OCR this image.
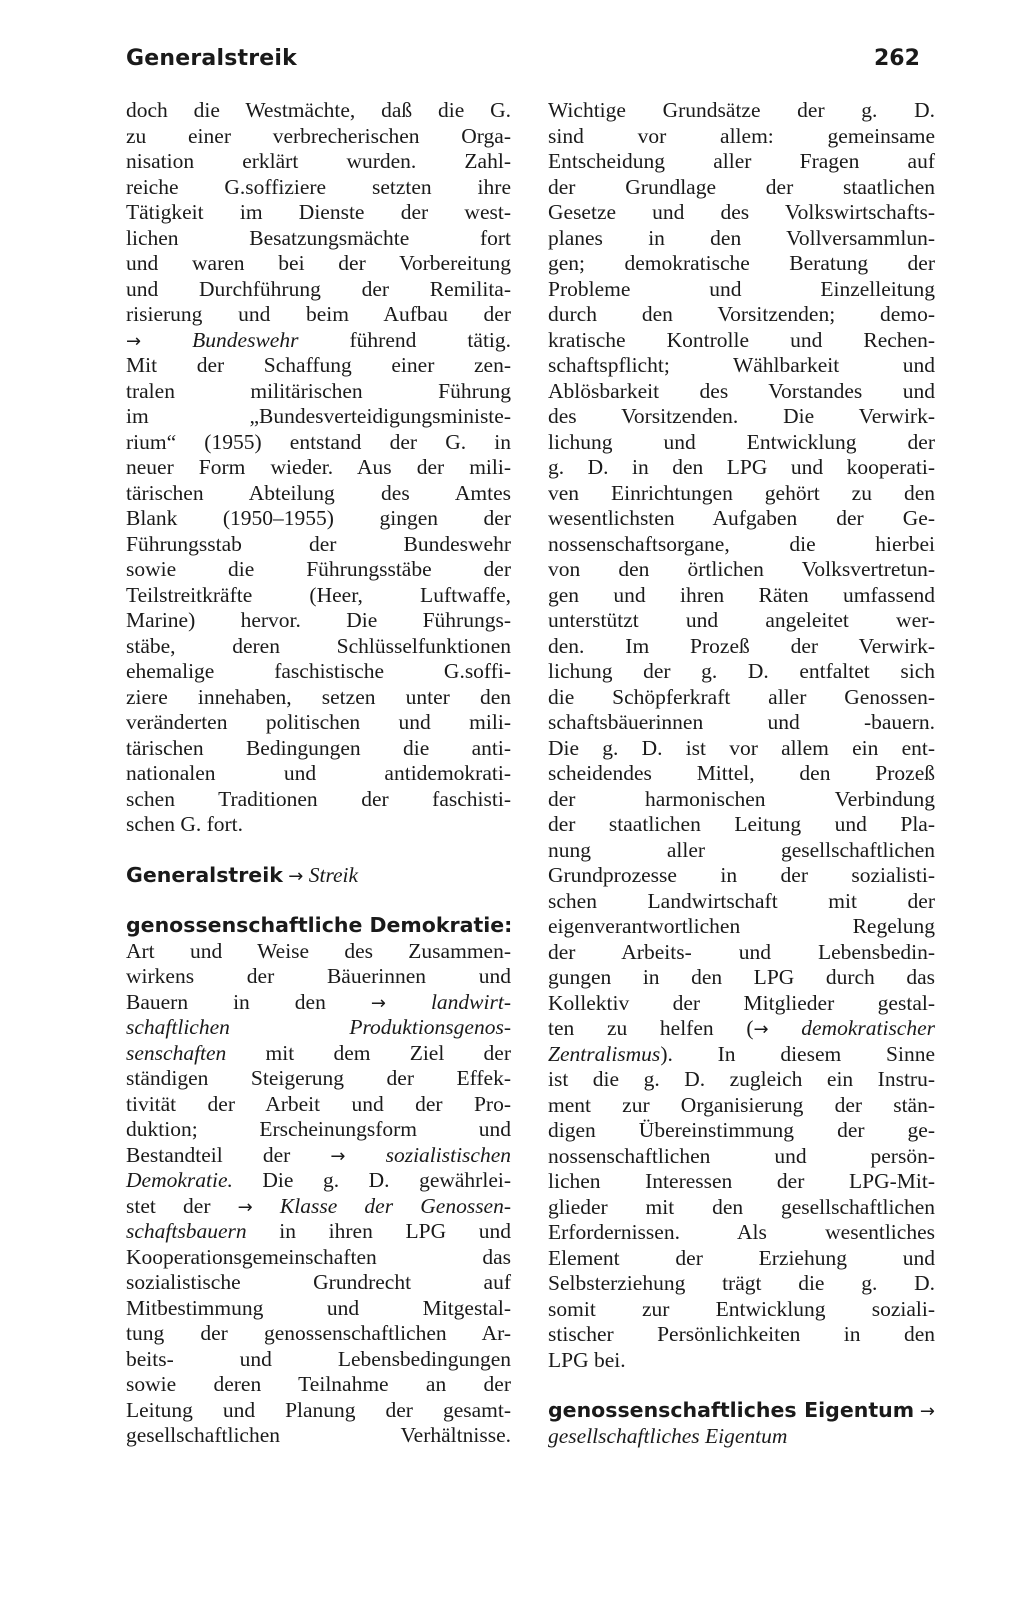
Generalstreik	262
doch die Westmächte, daß die G.
zu einer verbrecherischen Orga-
nisation erklärt wurden. Zahl-
reiche G.soffiziere setzten ihre
Tätigkeit im Dienste der west-
lichen Besatzungsmächte fort
und waren bei der Vorbereitung
und Durchführung der Remilita-
risierung und beim Aufbau der
→ Bundeswehr führend tätig.
Mit der Schaffung einer zen-
tralen militärischen Führung
im „Bundesverteidigungsministe-
rium“ (1955) entstand der G. in
neuer Form wieder. Aus der mili-
tärischen Abteilung des Amtes
Blank (1950–1955) gingen der
Führungsstab der Bundeswehr
sowie die Führungsstäbe der
Teilstreitkräfte (Heer, Luftwaffe,
Marine) hervor. Die Führungs-
stäbe, deren Schlüsselfunktionen
ehemalige faschistische G.soffi-
ziere innehaben, setzen unter den
veränderten politischen und mili-
tärischen Bedingungen die anti-
nationalen und antidemokrati-
schen Traditionen der faschisti-
schen G. fort.
Generalstreik → Streik
genossenschaftliche Demokratie:
Art und Weise des Zusammen-
wirkens der Bäuerinnen und
Bauern in den	→ landwirt-
schaftlichen Produktionsgenos-
senschaften mit dem Ziel der
ständigen Steigerung der Effek-
tivität der Arbeit und der Pro-
duktion; Erscheinungsform und
Bestandteil der → sozialistischen
Demokratie. Die g. D. gewährlei-
stet der → Klasse der Genossen-
schaftsbauern in ihren LPG und
Kooperationsgemeinschaften das
sozialistische Grundrecht auf
Mitbestimmung und Mitgestal-
tung der genossenschaftlichen Ar-
beits- und Lebensbedingungen
sowie deren Teilnahme an der
Leitung und Planung der gesamt-
gesellschaftlichen Verhältnisse.
Wichtige Grundsätze der g. D.
sind vor allem: gemeinsame
Entscheidung aller Fragen auf
der Grundlage der staatlichen
Gesetze und des Volkswirtschafts-
planes in den Vollversammlun-
gen; demokratische Beratung der
Probleme und Einzelleitung
durch den Vorsitzenden; demo-
kratische Kontrolle und Rechen-
schaftspflicht; Wählbarkeit und
Ablösbarkeit des Vorstandes und
des Vorsitzenden. Die Verwirk-
lichung und Entwicklung der
g. D. in den LPG und kooperati-
ven Einrichtungen gehört zu den
wesentlichsten Aufgaben der Ge-
nossenschaftsorgane, die hierbei
von den örtlichen Volksvertretun-
gen und ihren Räten umfassend
unterstützt und angeleitet wer-
den. Im Prozeß der Verwirk-
lichung der g. D. entfaltet sich
die Schöpferkraft aller Genossen-
schaftsbäuerinnen und -bauern.
Die g. D. ist vor allem ein ent-
scheidendes Mittel, den Prozeß
der harmonischen Verbindung
der staatlichen Leitung und Pla-
nung aller gesellschaftlichen
Grundprozesse in der sozialisti-
schen Landwirtschaft mit der
eigenverantwortlichen Regelung
der Arbeits- und Lebensbedin-
gungen in den LPG durch das
Kollektiv der Mitglieder gestal-
ten zu helfen (→ demokratischer
Zentralismus). In diesem Sinne
ist die g. D. zugleich ein Instru-
ment zur Organisierung der stän-
digen Übereinstimmung der ge-
nossenschaftlichen und persön-
lichen Interessen der LPG-Mit-
glieder mit den gesellschaftlichen
Erfordernissen. Als wesentliches
Element der Erziehung und
Selbsterziehung trägt die g. D.
somit zur Entwicklung soziali-
stischer Persönlichkeiten in den
LPG bei.
genossenschaftliches Eigentum →
gesellschaftliches Eigentum
